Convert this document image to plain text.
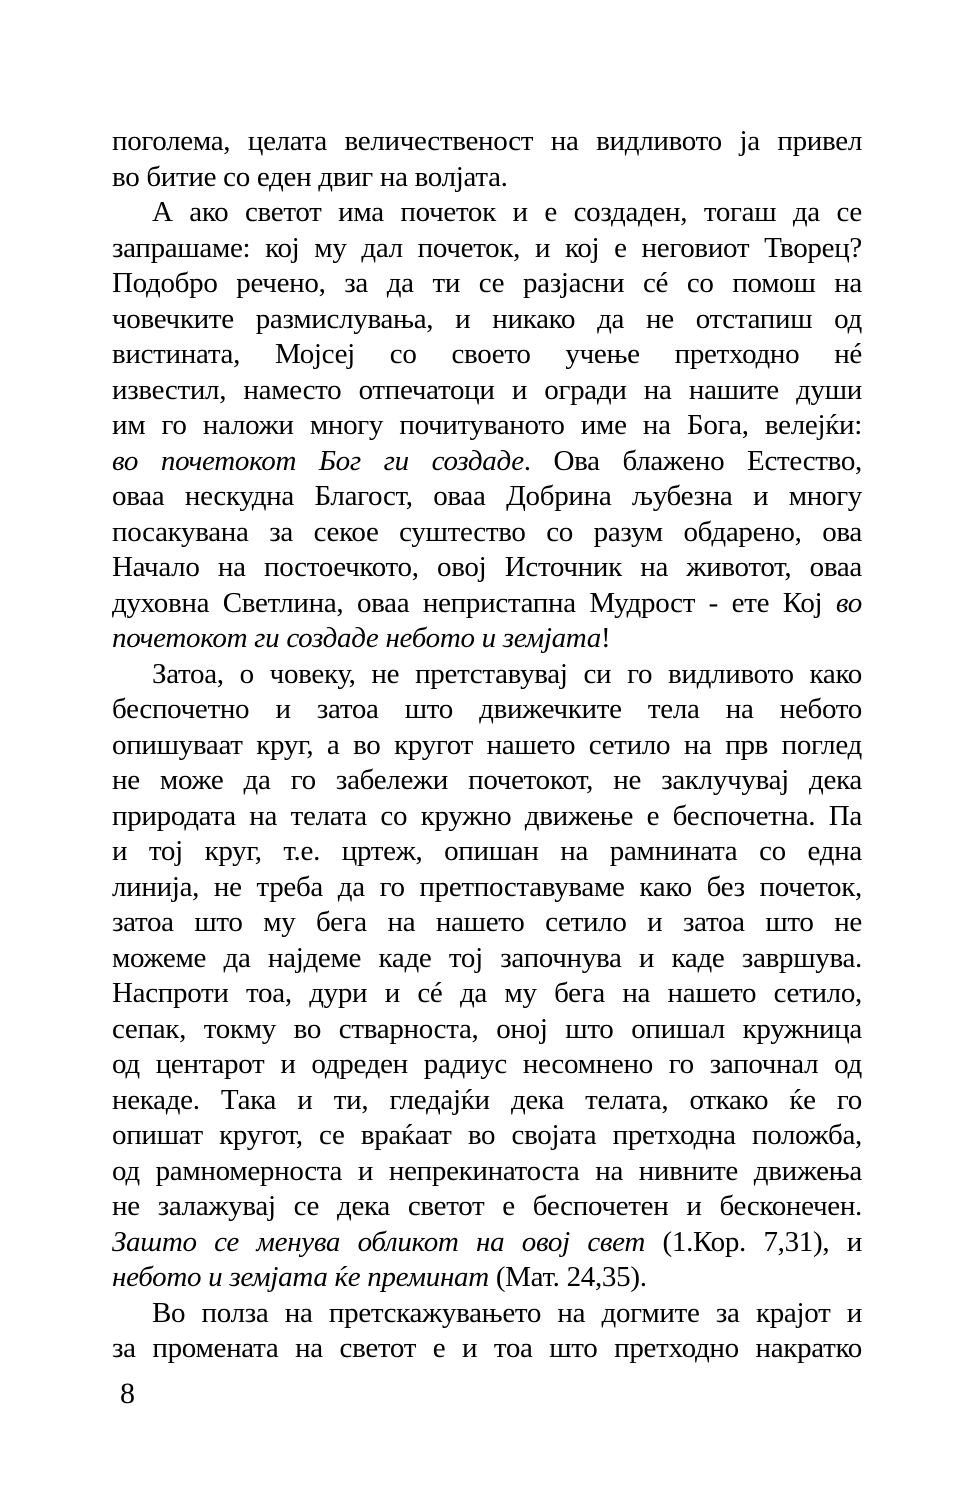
поголема, целата величественост на видливото ја привел
во битие со еден двиг на волјата.
А ако светот има почеток и е создаден, тогаш да се
запрашаме: кој му дал почеток, и кој е неговиот Творец?
Подобро речено, за да ти се разјасни сé со помош на
човечките размислувања, и никако да не отстапиш од
вистината, Мојсеј со своето учење претходно нé
известил, наместо отпечатоци и огради на нашите души
им го наложи многу почитуваното име на Бога, велејќи:
во почетокот Бог ги создаде. Ова блажено Естество,
оваа нескудна Благост, оваа Добрина љубезна и многу
посакувана за секое суштество со разум обдарено, ова
Начало на постоечкото, овој Источник на животот, оваа
духовна Светлина, оваа непристапна Мудрост - ете Кој во
почетокот ги создаде небото и земјата!
Затоа, о човеку, не претставувај си го видливото како
беспочетно и затоа што движечките тела на небото
опишуваат круг, а во кругот нашето сетило на прв поглед
не може да го забележи почетокот, не заклучувај дека
природата на телата со кружно движење е беспочетна. Па
и тој круг, т.е. цртеж, опишан на рамнината со една
линија, не треба да го претпоставуваме како без почеток,
затоа што му бега на нашето сетило и затоа што не
можеме да најдеме каде тој започнува и каде завршува.
Наспроти тоа, дури и сé да му бега на нашето сетило,
сепак, токму во стварноста, оној што опишал кружница
од центарот и одреден радиус несомнено го започнал од
некаде. Така и ти, гледајќи дека телата, откако ќе го
опишат кругот, се враќаат во својата претходна положба,
од рамномерноста и непрекинатоста на нивните движења
не залажувај се дека светот е беспочетен и бесконечен.
Зашто се менува обликот на овој свет (1.Кор. 7,31), и
небото и земјата ќе преминат (Мат. 24,35).
Во полза на претскажувањето на догмите за крајот и
за промената на светот е и тоа што претходно накратко
8
